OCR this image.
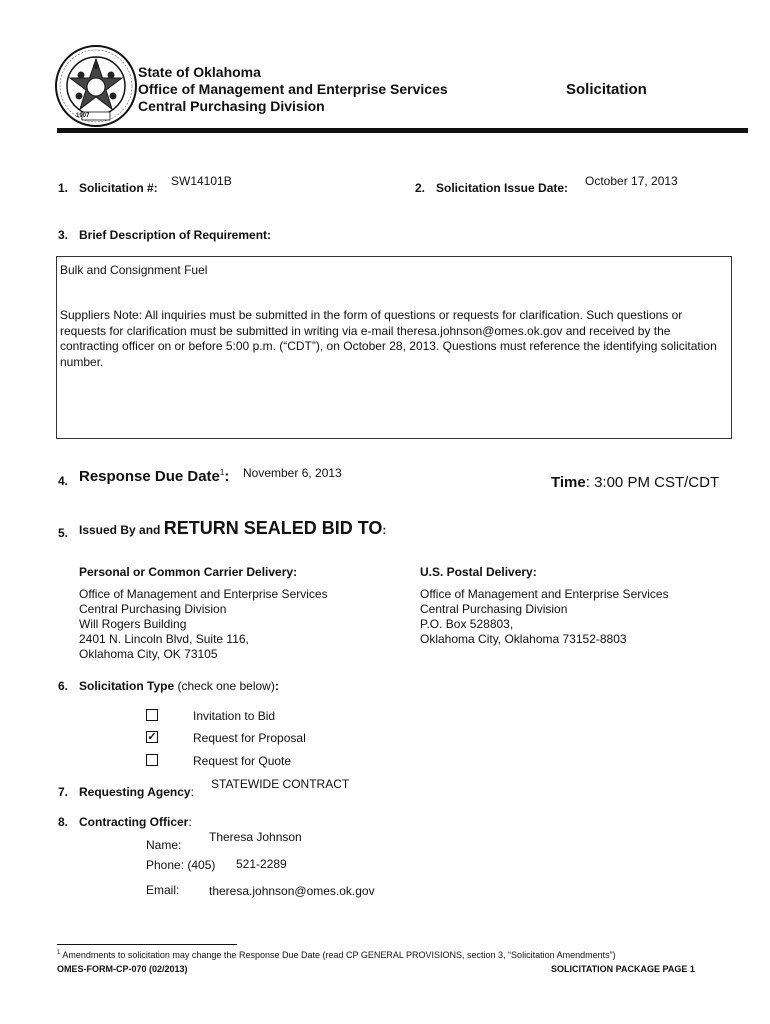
1907
State of Oklahoma
Office of Management and Enterprise Services
Central Purchasing Division
Solicitation
1. Solicitation #: SW14101B	2. Solicitation Issue Date: October 17, 2013
3. Brief Description of Requirement:
Bulk and Consignment Fuel
Suppliers Note: All inquiries must be submitted in the form of questions or requests for clarification. Such questions or requests for clarification must be submitted in writing via e-mail theresa.johnson@omes.ok.gov and received by the contracting officer on or before 5:00 p.m. (“CDT”), on October 28, 2013. Questions must reference the identifying solicitation number.
4. Response Due Date$^1$: November 6, 2013
Time: 3:00 PM CST/CDT
5. Issued By and RETURN SEALED BID TO:
Personal or Common Carrier Delivery:
Office of Management and Enterprise Services
Central Purchasing Division
Will Rogers Building
2401 N. Lincoln Blvd, Suite 116,
Oklahoma City, OK 73105
U.S. Postal Delivery:
Office of Management and Enterprise Services
Central Purchasing Division
P.O. Box 528803,
Oklahoma City, Oklahoma 73152-8803
6. Solicitation Type (check one below):
Invitation to Bid
✓	Request for Proposal
Request for Quote
7. Requesting Agency:
STATEWIDE CONTRACT
8. Contracting Officer:
Name:
Theresa Johnson
Phone: (405) 521-2289
Email: theresa.johnson@omes.ok.gov
$^1$ Amendments to solicitation may change the Response Due Date (read CP GENERAL PROVISIONS, section 3, “Solicitation Amendments”)
OMES-FORM-CP-070 (02/2013)	SOLICITATION PACKAGE PAGE 1
